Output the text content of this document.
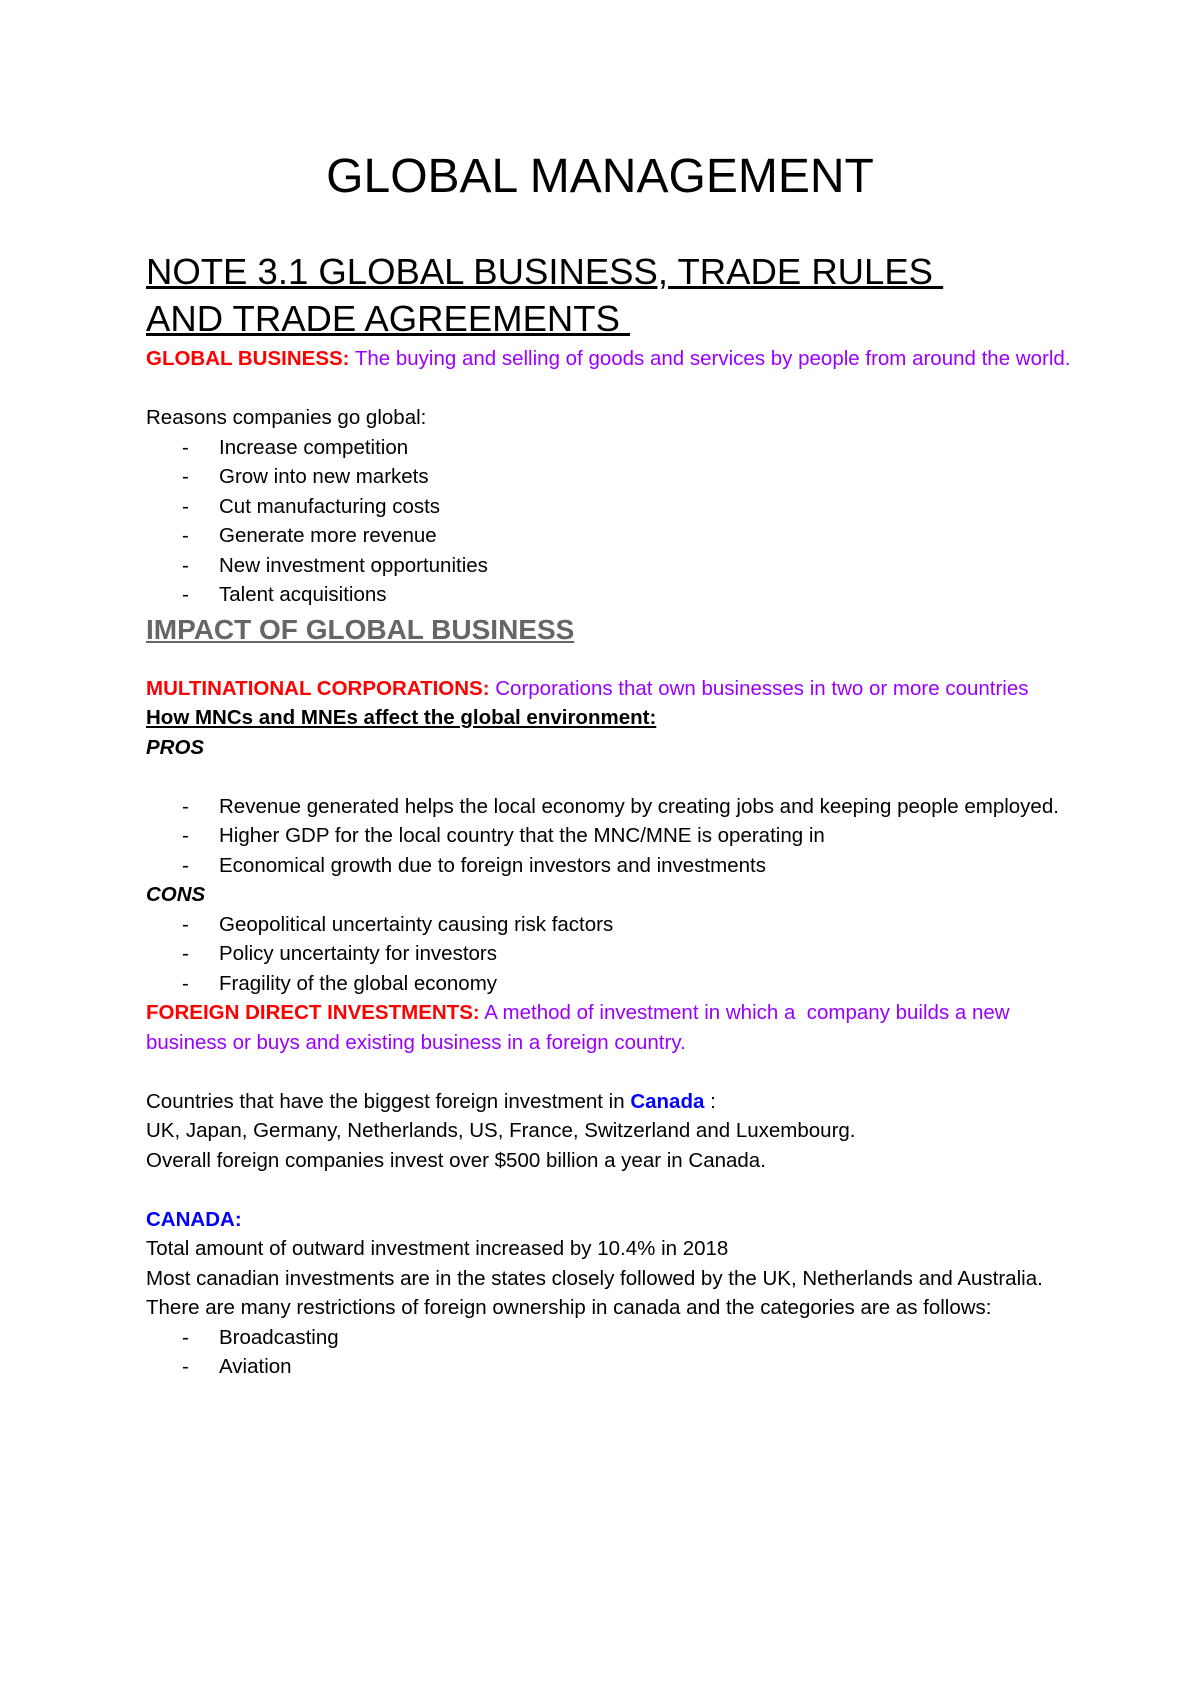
GLOBAL MANAGEMENT
NOTE 3.1 GLOBAL BUSINESS, TRADE RULES
AND TRADE AGREEMENTS

GLOBAL BUSINESS: The buying and selling of goods and services by people from around the world.

Reasons companies go global:

- Increase competition
- Grow into new markets
- Cut manufacturing costs
- Generate more revenue
- New investment opportunities
- Talent acquisitions
IMPACT OF GLOBAL BUSINESS

MULTINATIONAL CORPORATIONS: Corporations that own businesses in two or more countries

How MNCs and MNEs affect the global environment:

PROS

- Revenue generated helps the local economy by creating jobs and keeping people employed.
- Higher GDP for the local country that the MNC/MNE is operating in
- Economical growth due to foreign investors and investments

CONS

- Geopolitical uncertainty causing risk factors
- Policy uncertainty for investors
- Fragility of the global economy

FOREIGN DIRECT INVESTMENTS: A method of investment in which a  company builds a new business or buys and existing business in a foreign country.

Countries that have the biggest foreign investment in Canada :

UK, Japan, Germany, Netherlands, US, France, Switzerland and Luxembourg.

Overall foreign companies invest over $500 billion a year in Canada.

CANADA:

Total amount of outward investment increased by 10.4% in 2018

Most canadian investments are in the states closely followed by the UK, Netherlands and Australia.

There are many restrictions of foreign ownership in canada and the categories are as follows:

- Broadcasting
- Aviation
